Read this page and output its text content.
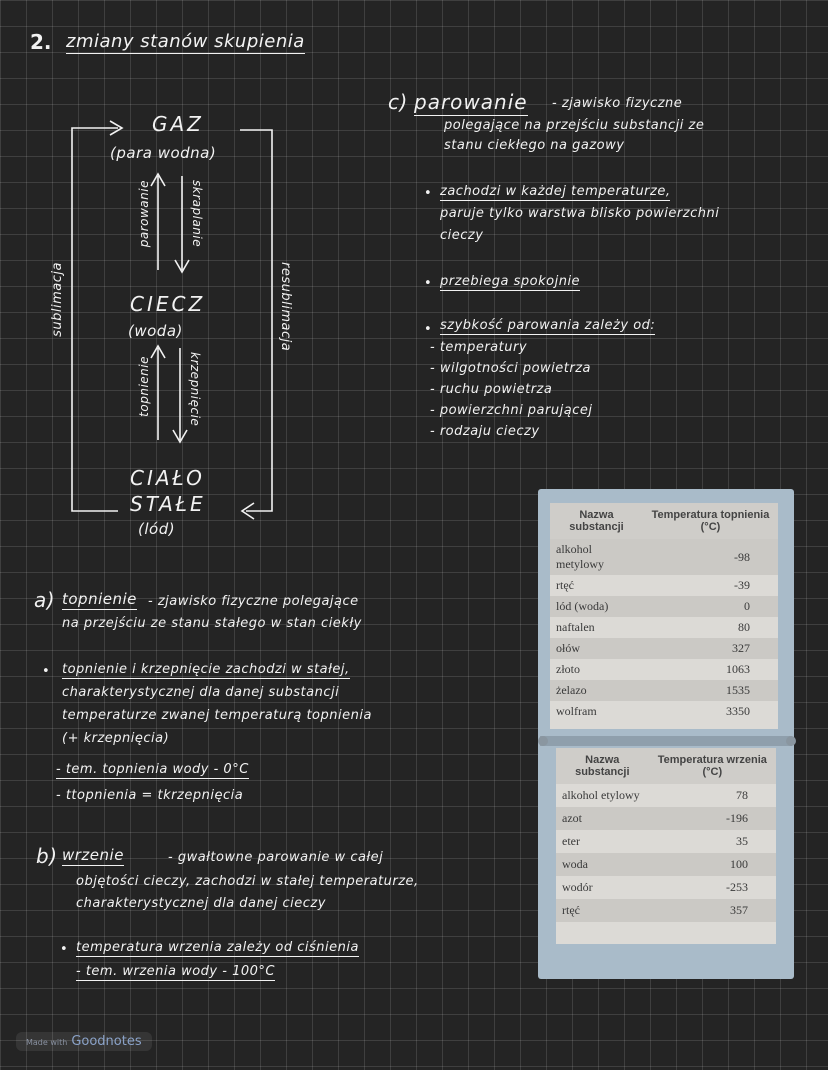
2. zmiany stanów skupienia
GAZ
(para wodna)
CIECZ
(woda)
CIAŁO
STAŁE
(lód)
parowanie	skraplanie
topnienie	krzepnięcie
sublimacja	resublimacja
c) parowanie - zjawisko fizyczne
polegające na przejściu substancji ze
stanu ciekłego na gazowy
• zachodzi w każdej temperaturze,
paruje tylko warstwa blisko powierzchni
cieczy
• przebiega spokojnie
• szybkość parowania zależy od:
- temperatury
- wilgotności powietrza
- ruchu powietrza
- powierzchni parującej
- rodzaju cieczy
a) topnienie - zjawisko fizyczne polegające
na przejściu ze stanu stałego w stan ciekły
• topnienie i krzepnięcie zachodzi w stałej,
charakterystycznej dla danej substancji
temperaturze zwanej temperaturą topnienia
(+ krzepnięcia)
- tem. topnienia wody - 0°C
- ttopnienia = tkrzepnięcia
b) wrzenie	- gwałtowne parowanie w całej
objętości cieczy, zachodzi w stałej temperaturze,
charakterystycznej dla danej cieczy
• temperatura wrzenia zależy od ciśnienia
- tem. wrzenia wody - 100°C
Nazwa substancji	Temperatura topnienia (°C)
alkohol metylowy	-98
rtęć	-39
lód (woda)	0
naftalen	80
ołów	327
złoto	1063
żelazo	1535
wolfram	3350
Nazwa substancji	Temperatura wrzenia (°C)
alkohol etylowy	78
azot	-196
eter	35
woda	100
wodór	-253
rtęć	357
Made with Goodnotes
